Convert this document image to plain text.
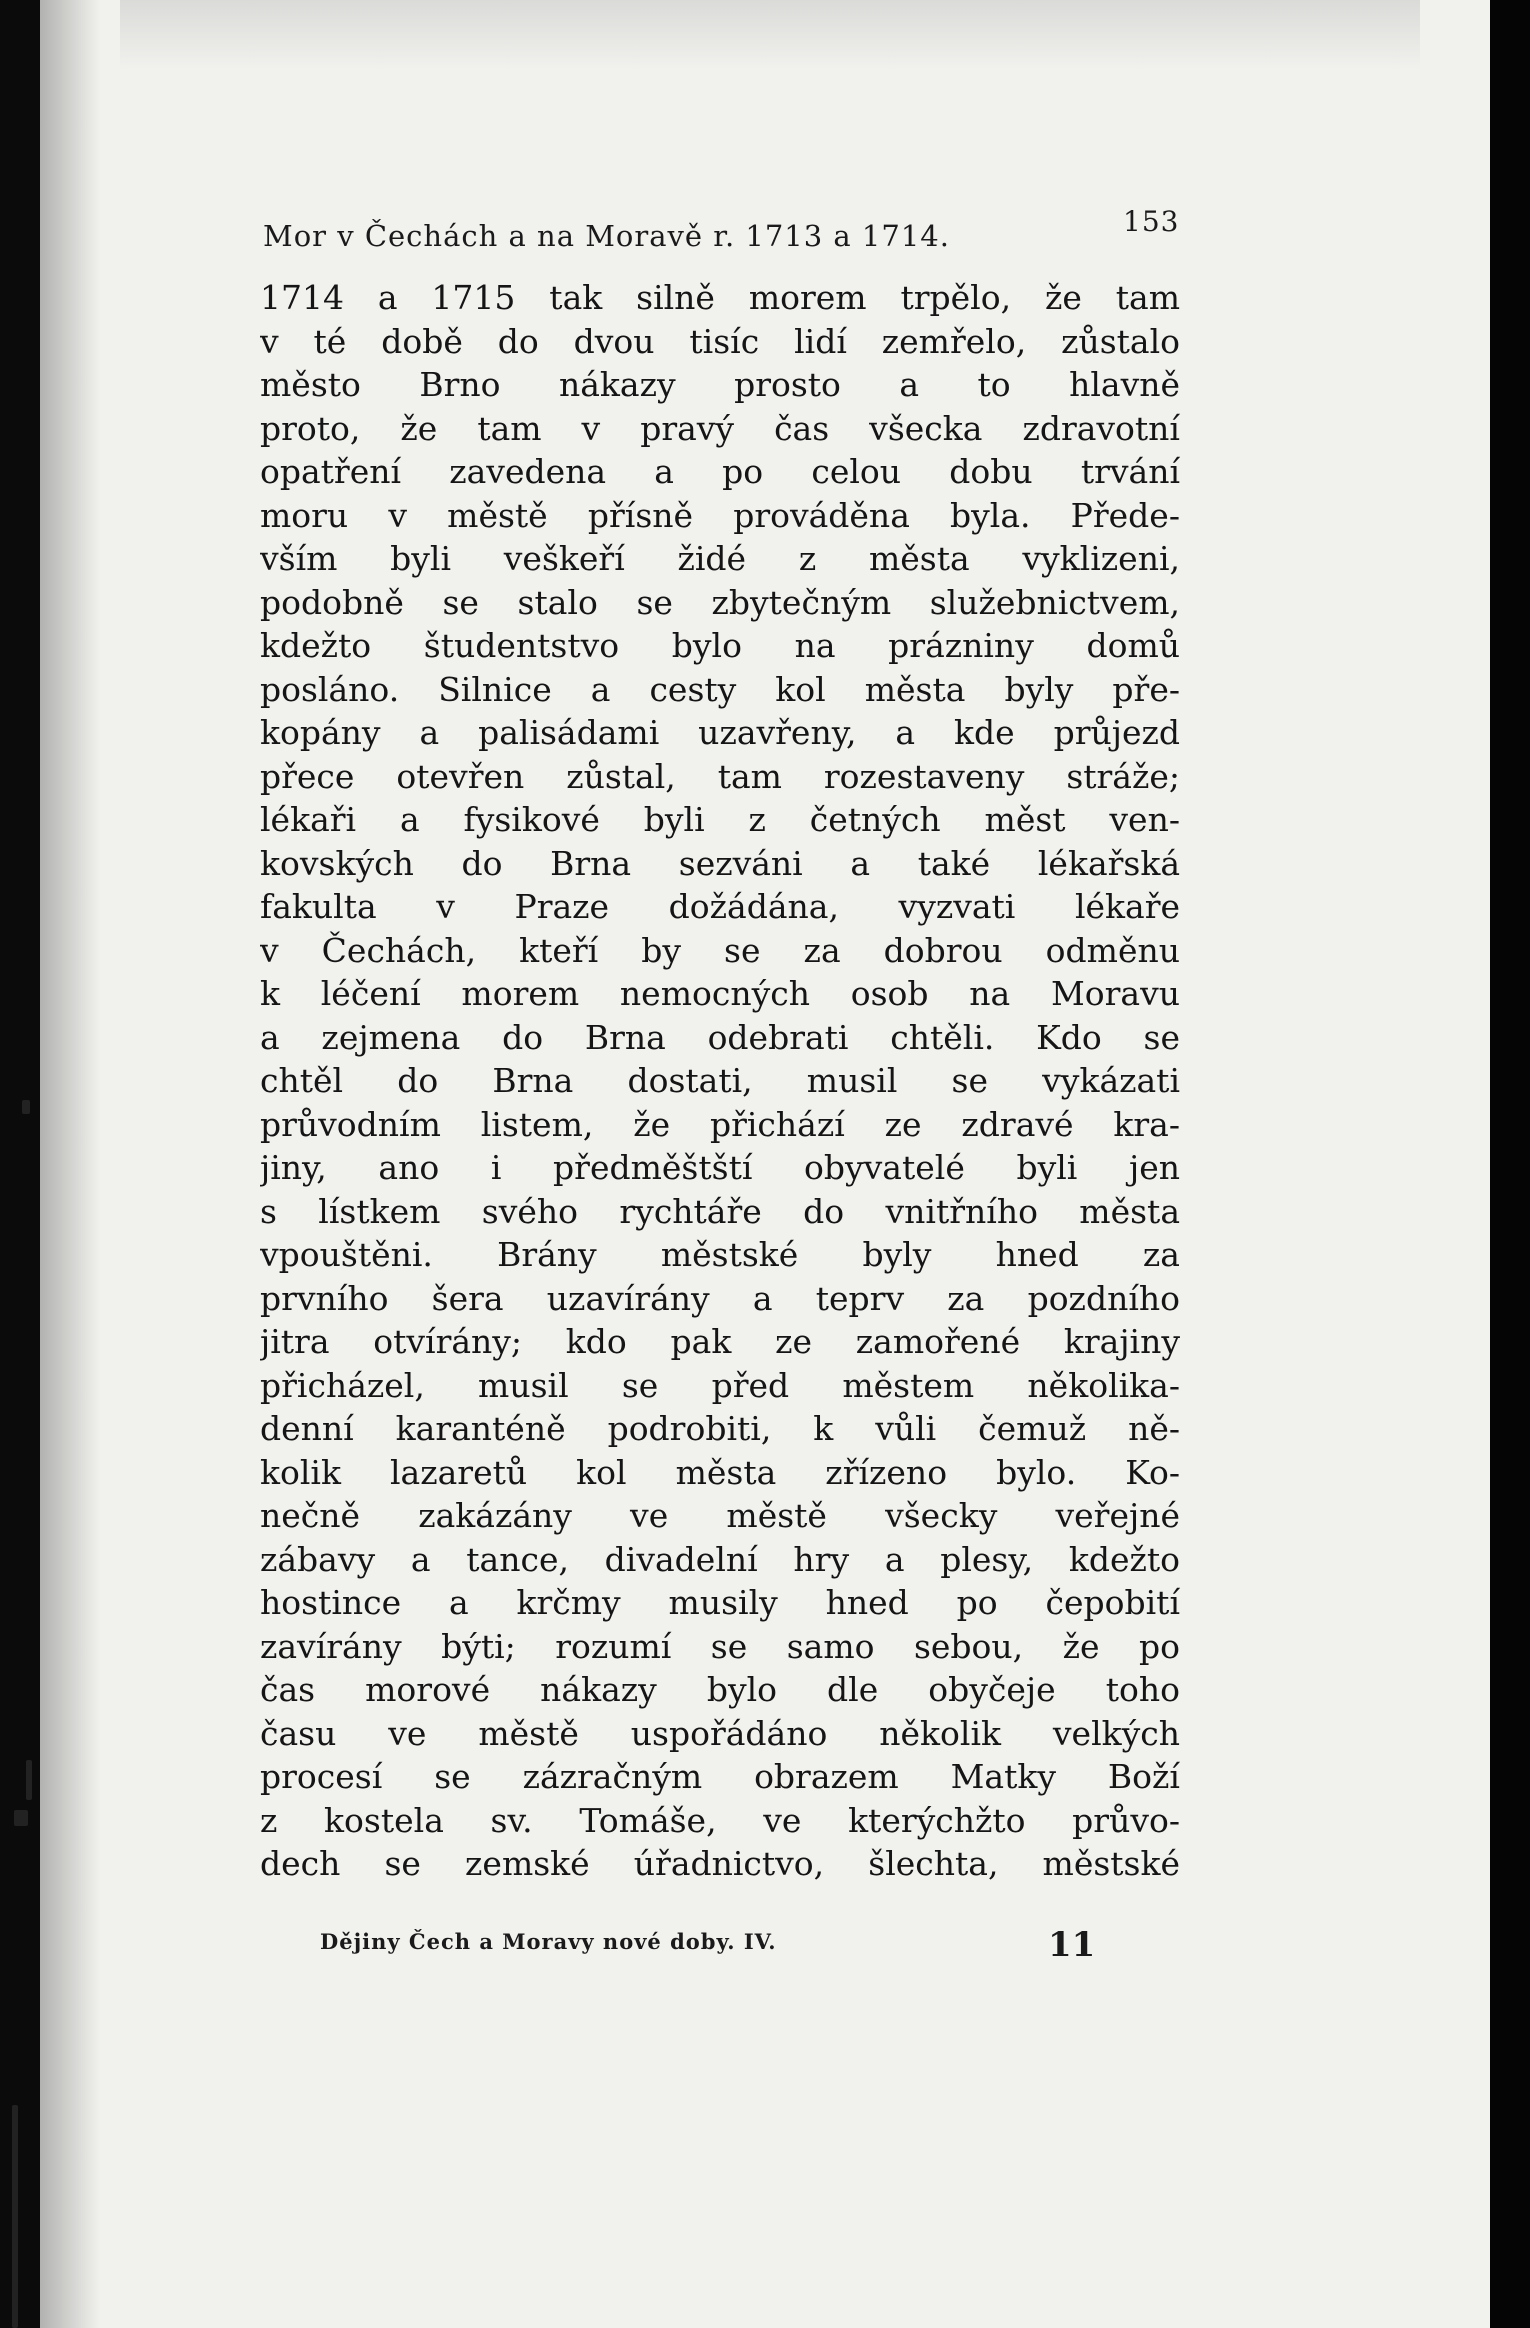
Mor v Čechách a na Moravě r. 1713 a 1714.	153
1714 a 1715 tak silně morem trpělo, že tam
v té době do dvou tisíc lidí zemřelo, zůstalo
město Brno nákazy prosto a to hlavně
proto, že tam v pravý čas všecka zdravotní
opatření zavedena a po celou dobu trvání
moru v městě přísně prováděna byla. Přede-
vším byli veškeří židé z města vyklizeni,
podobně se stalo se zbytečným služebnictvem,
kdežto študentstvo bylo na prázniny domů
posláno. Silnice a cesty kol města byly pře-
kopány a palisádami uzavřeny, a kde průjezd
přece otevřen zůstal, tam rozestaveny stráže;
lékaři a fysikové byli z četných měst ven-
kovských do Brna sezváni a také lékařská
fakulta v Praze dožádána, vyzvati lékaře
v Čechách, kteří by se za dobrou odměnu
k léčení morem nemocných osob na Moravu
a zejmena do Brna odebrati chtěli. Kdo se
chtěl do Brna dostati, musil se vykázati
průvodním listem, že přichází ze zdravé kra-
jiny, ano i předměštští obyvatelé byli jen
s lístkem svého rychtáře do vnitřního města
vpouštěni. Brány městské byly hned za
prvního šera uzavírány a teprv za pozdního
jitra otvírány; kdo pak ze zamořené krajiny
přicházel, musil se před městem několika-
denní karanténě podrobiti, k vůli čemuž ně-
kolik lazaretů kol města zřízeno bylo. Ko-
nečně zakázány ve městě všecky veřejné
zábavy a tance, divadelní hry a plesy, kdežto
hostince a krčmy musily hned po čepobití
zavírány býti; rozumí se samo sebou, že po
čas morové nákazy bylo dle obyčeje toho
času ve městě uspořádáno několik velkých
procesí se zázračným obrazem Matky Boží
z kostela sv. Tomáše, ve kterýchžto průvo-
dech se zemské úřadnictvo, šlechta, městské
Dějiny Čech a Moravy nové doby. IV.	11
